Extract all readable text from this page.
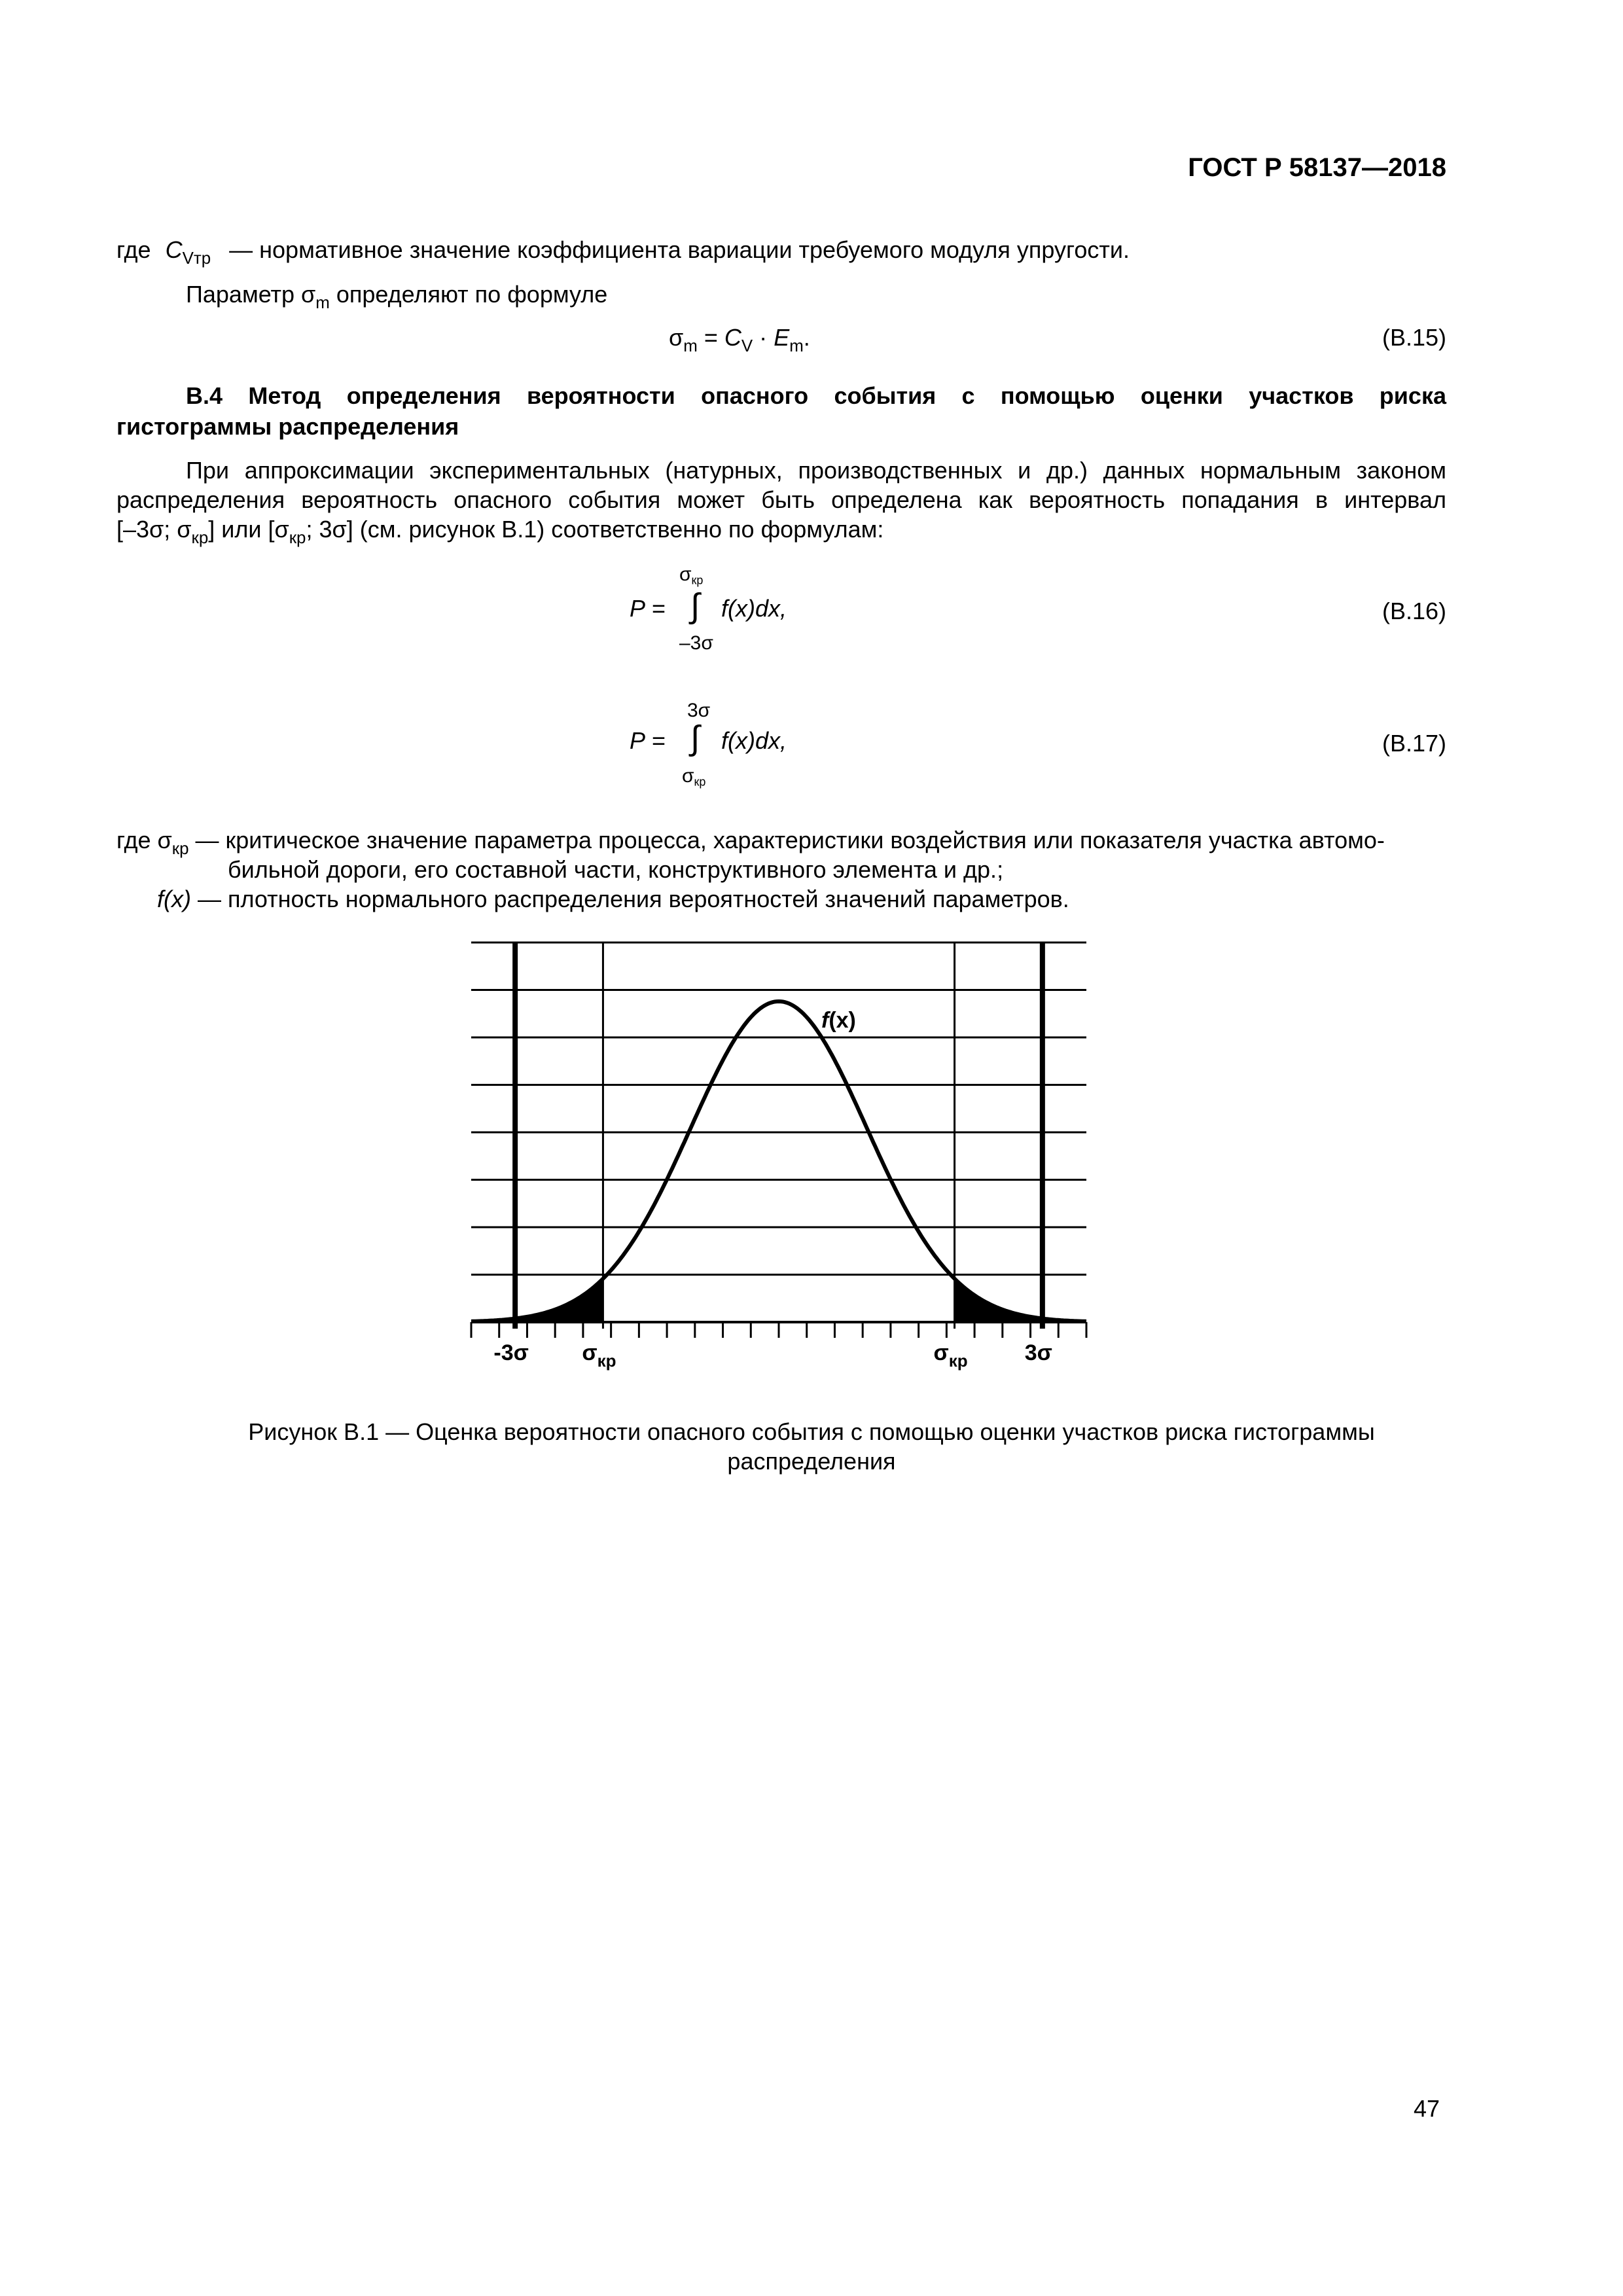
ГОСТ Р 58137—2018
где $C_{Vтр}$ — нормативное значение коэффициента вариации требуемого модуля упругости.
Параметр $\sigma_m$ определяют по формуле
$\sigma_m = C_V \cdot E_m$.	(В.15)
В.4 Метод определения вероятности опасного события с помощью оценки участков риска
гистограммы распределения
При аппроксимации экспериментальных (натурных, производственных и др.) данных нормальным законом
распределения вероятность опасного события может быть определена как вероятность попадания в интервал
[–3σ; $\sigma_{кр}$] или [$\sigma_{кр}$; 3σ] (см. рисунок В.1) соответственно по формулам:
σкр
P = ∫ f(x)dx,
–3σ
(В.16)
3σ
P = ∫ f(x)dx,
σкр
(В.17)
где $\sigma_{кр}$ — критическое значение параметра процесса, характеристики воздействия или показателя участка автомо-
бильной дороги, его составной части, конструктивного элемента и др.;
f(x) — плотность нормального распределения вероятностей значений параметров.
f(x)
-3σ $\sigma_{кр}$	$\sigma_{кр}$	3σ
Рисунок В.1 — Оценка вероятности опасного события с помощью оценки участков риска гистограммы
распределения
47
